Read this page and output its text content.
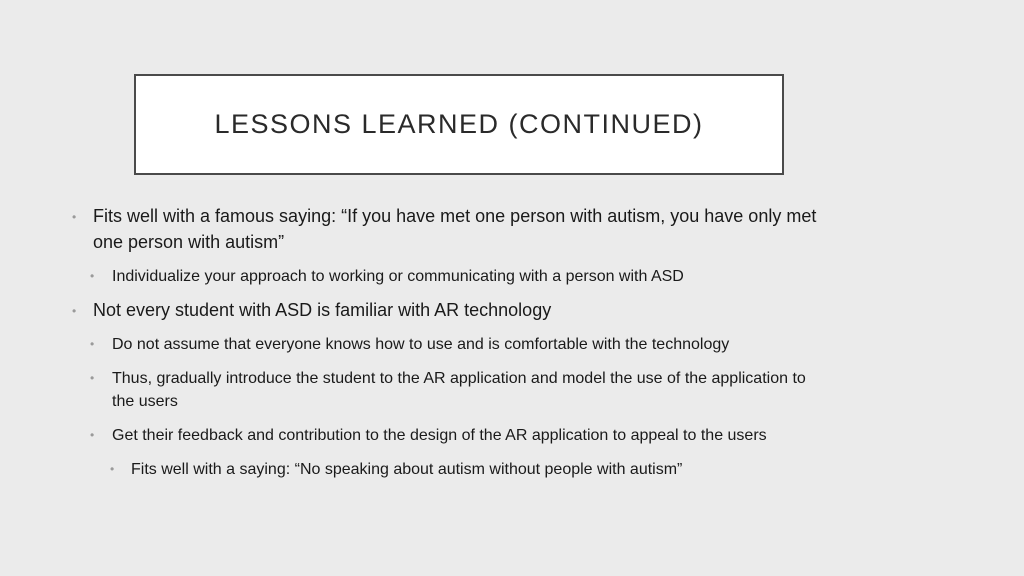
LESSONS LEARNED (CONTINUED)
• Fits well with a famous saying: “If you have met one person with autism, you have only met one person with autism”
• Individualize your approach to working or communicating with a person with ASD
• Not every student with ASD is familiar with AR technology
• Do not assume that everyone knows how to use and is comfortable with the technology
• Thus, gradually introduce the student to the AR application and model the use of the application to the users
• Get their feedback and contribution to the design of the AR application to appeal to the users
• Fits well with a saying: “No speaking about autism without people with autism”
